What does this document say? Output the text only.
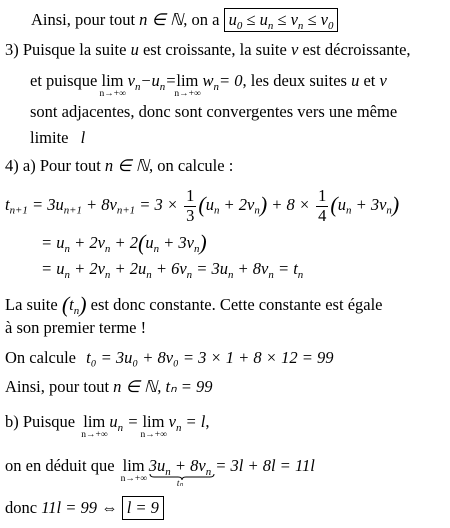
Ainsi, pour tout n ∈ ℕ, on a $u_0 \le u_n \le v_n \le v_0$
3) Puisque la suite u est croissante, la suite v est décroissante,
et puisque lim
n→+∞
$v_n-u_n=\lim$
n→+∞
$w_n= 0$, les deux suites u et v
sont adjacentes, donc sont convergentes vers une même
limite l
4) a) Pour tout n ∈ ℕ, on calcule :
$t_{n+1} = 3u_{n+1} + 8v_{n+1} = 3 \times \frac{1}{3} (u_n + 2v_n) + 8 \times \frac{1}{4} (u_n + 3v_n)$
= $u_n + 2v_n + 2(u_n + 3v_n)$
= $u_n + 2v_n + 2u_n + 6v_n = 3u_n + 8v_n = t_n$
La suite $(t_n)$ est donc constante. Cette constante est égale
à son premier terme !
On calcule t₀ = 3u₀ + 8v₀ = 3 × 1 + 8 × 12 = 99
Ainsi, pour tout n ∈ ℕ, tₙ = 99
b) Puisque lim
n→+∞
$u_n = \lim$
n→+∞
$v_n = l$,
on en déduit que lim
n→+∞
$3u_n + 8v_n$
tₙ
= 3l + 8l = 11l
donc 11l = 99 ⇔ l = 9
